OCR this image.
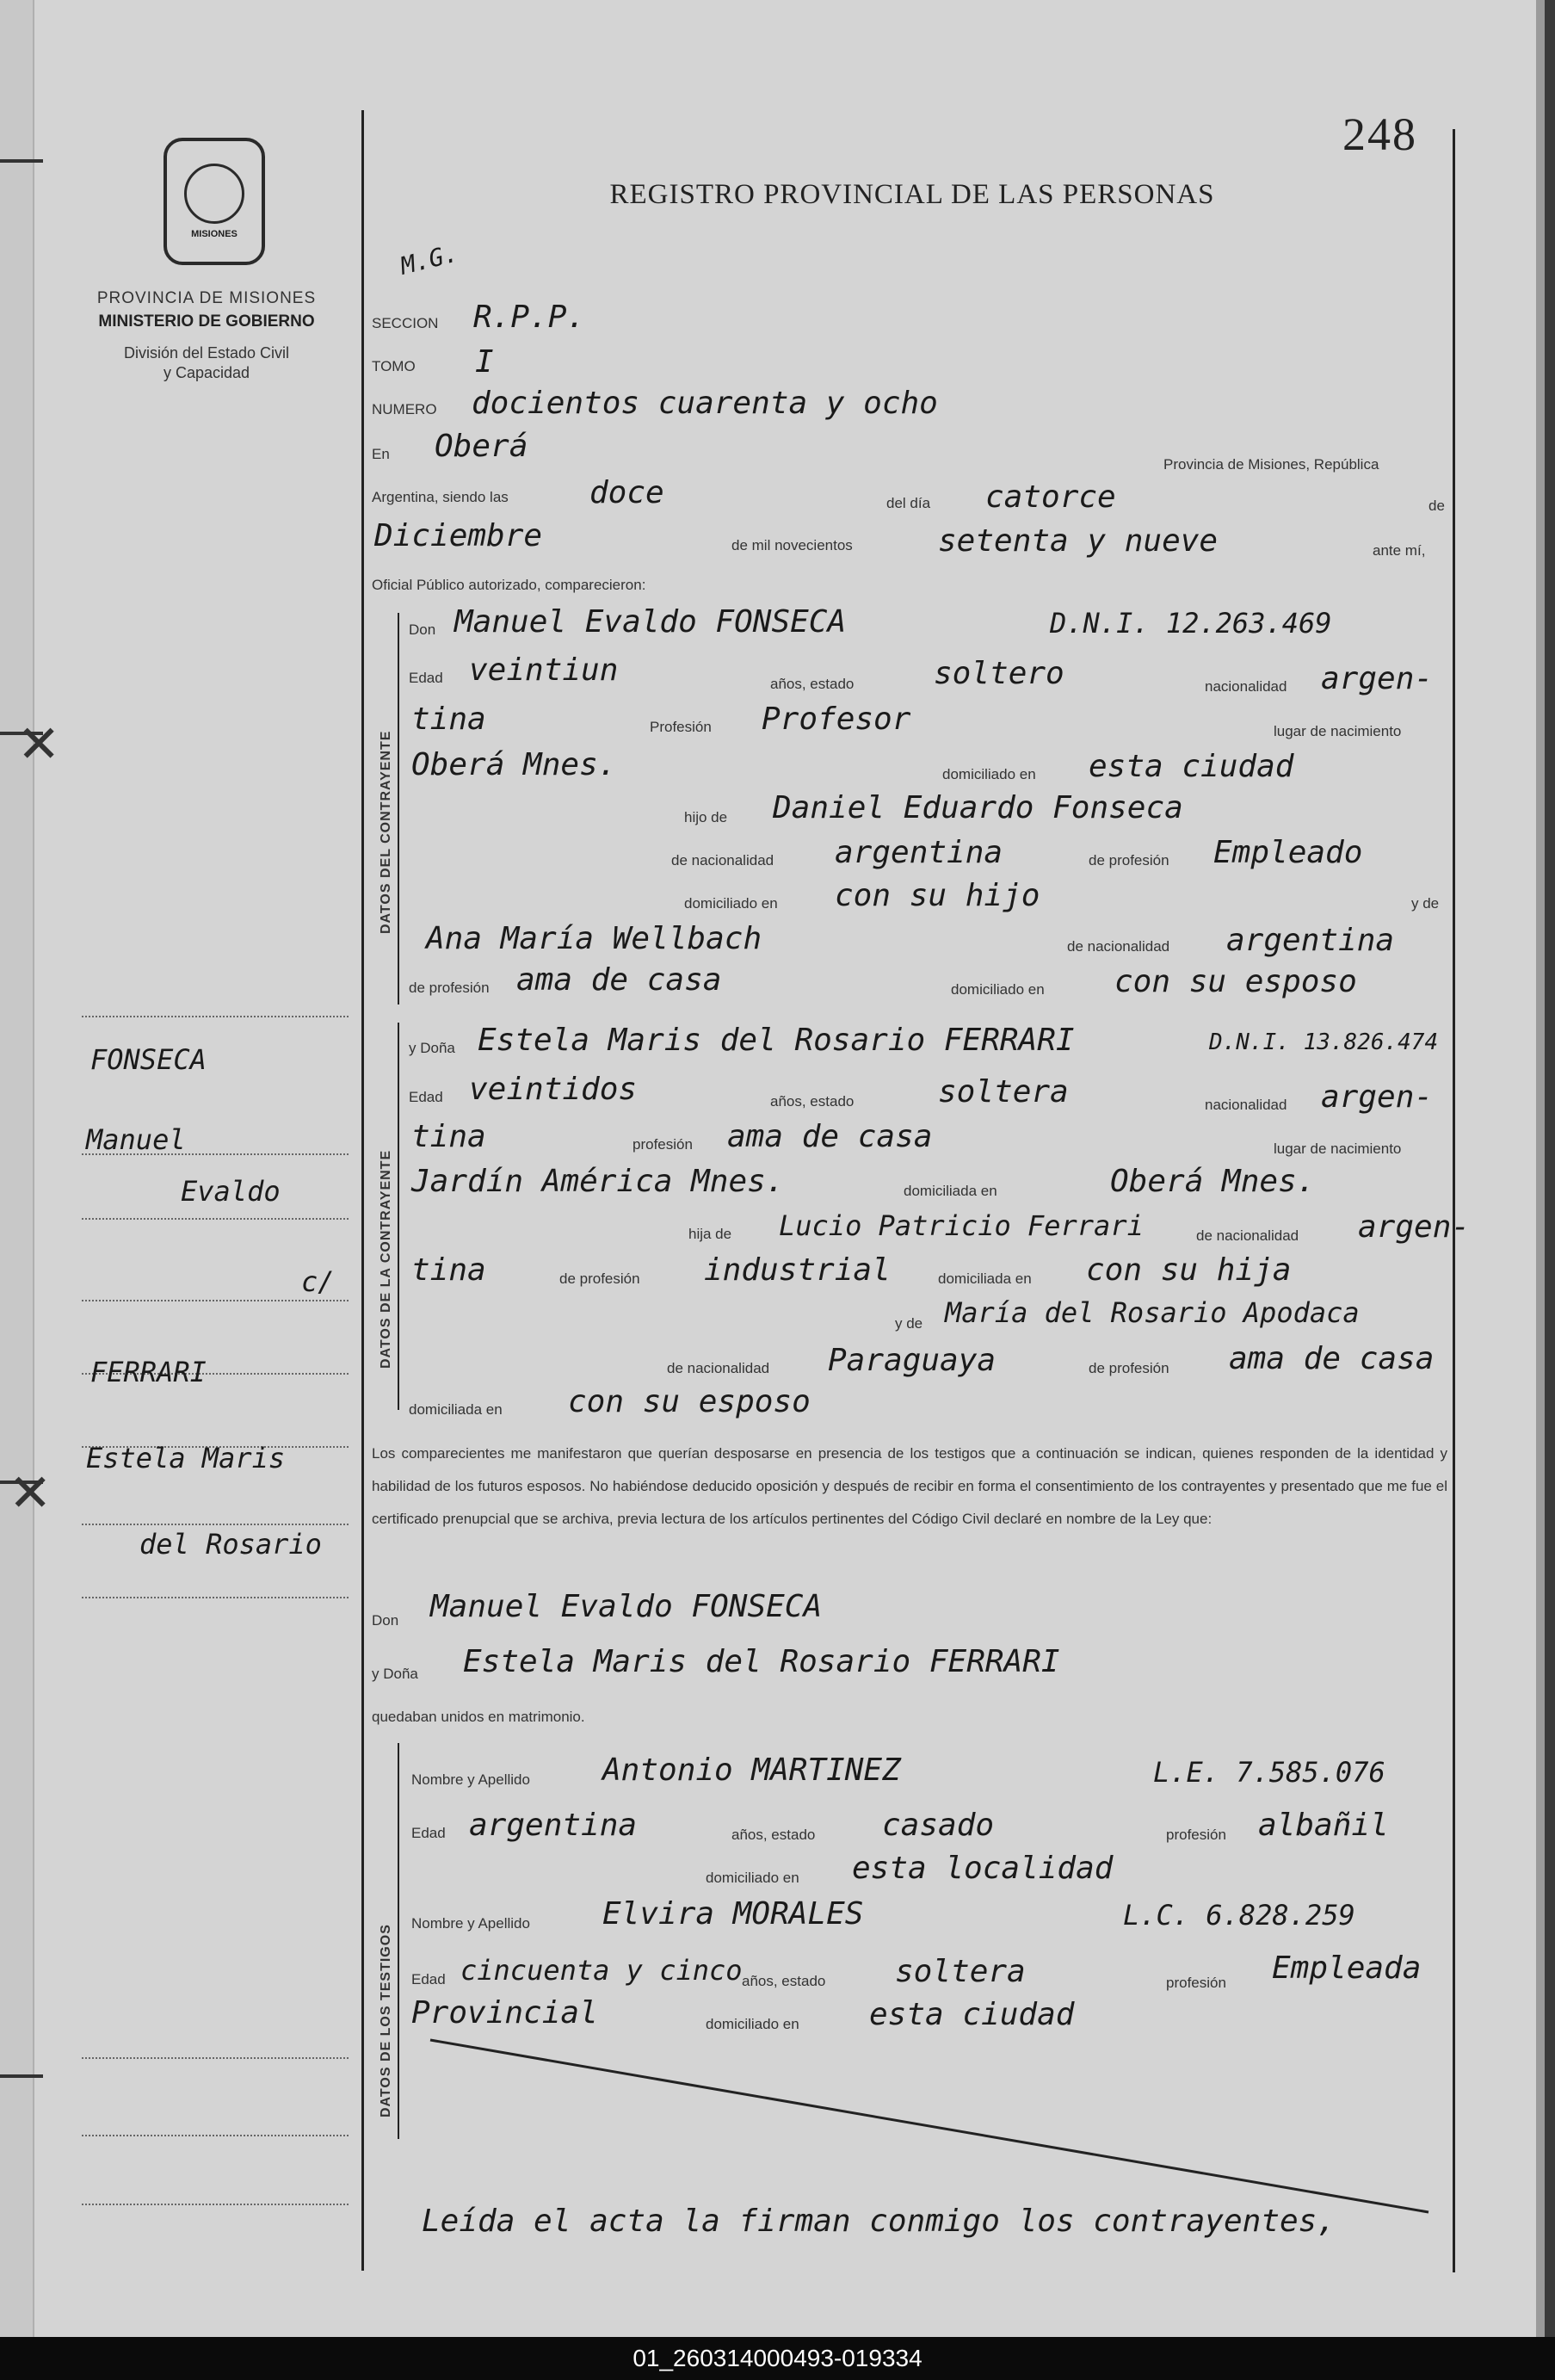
MISIONES
PROVINCIA DE MISIONES
MINISTERIO DE GOBIERNO
División del Estado Civil
y Capacidad
REGISTRO PROVINCIAL DE LAS PERSONAS
248
M.G.
SECCION R.P.P.
TOMO I
NUMERO docientos cuarenta y ocho
En Oberá
Provincia de Misiones, República
Argentina, siendo las	doce	del día catorce	de
Diciembre	de mil novecientos	setenta y nueve	ante mí,
Oficial Público autorizado, comparecieron:
DATOS DEL CONTRAYENTE
Don Manuel Evaldo FONSECA	D.N.I. 12.263.469
Edad veintiun	años, estado	soltero	nacionalidad argen-
tina	Profesión Profesor	lugar de nacimiento
Oberá Mnes.	domiciliado en esta ciudad
hijo de Daniel Eduardo Fonseca
de nacionalidad argentina	de profesión Empleado
domiciliado en con su hijo	y de
Ana María Wellbach	de nacionalidad argentina
de profesión ama de casa	domiciliado en con su esposo
DATOS DE LA CONTRAYENTE
y Doña Estela Maris del Rosario FERRARI	D.N.I. 13.826.474
Edad veintidos	años, estado	soltera	nacionalidad argen-
tina	profesión ama de casa	lugar de nacimiento
Jardín América Mnes.	domiciliada en	Oberá Mnes.
hija de Lucio Patricio Ferrari	de nacionalidad argen-
tina	de profesión industrial	domiciliada en con su hija
y de María del Rosario Apodaca
de nacionalidad Paraguaya	de profesión ama de casa
domiciliada en con su esposo
Los comparecientes me manifestaron que querían desposarse en presencia de los testigos que a continuación se indican, quienes responden de la identidad y habilidad de los futuros esposos. No habiéndose deducido oposición y después de recibir en forma el consentimiento de los contrayentes y presentado que me fue el certificado prenupcial que se archiva, previa lectura de los artículos pertinentes del Código Civil declaré en nombre de la Ley que:
Don Manuel Evaldo FONSECA
y Doña Estela Maris del Rosario FERRARI
quedaban unidos en matrimonio.
DATOS DE LOS TESTIGOS
Nombre y Apellido Antonio MARTINEZ	L.E. 7.585.076
Edad argentina	años, estado casado	profesión albañil
domiciliado en esta localidad
Nombre y Apellido Elvira MORALES	L.C. 6.828.259
Edad cincuenta y cinco años, estado soltera	profesión Empleada
Provincial	domiciliado en esta ciudad
Leída el acta la firman conmigo los contrayentes,
FONSECA
Manuel
Evaldo
c/
FERRARI
Estela Maris
del Rosario
✕
✕
01_260314000493-019334
